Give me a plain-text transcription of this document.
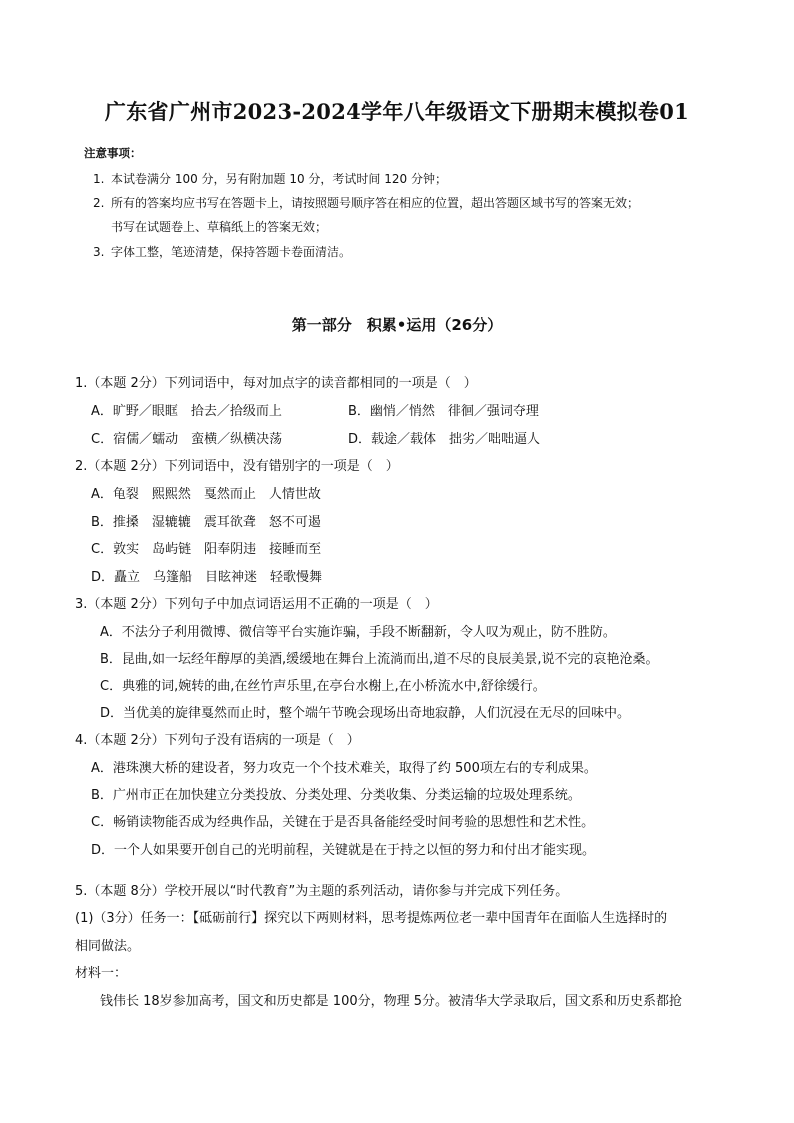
广东省广州市2023-2024学年八年级语文下册期末模拟卷01
注意事项：
1. 本试卷满分 100 分，另有附加题 10 分，考试时间 120 分钟；
2. 所有的答案均应书写在答题卡上，请按照题号顺序答在相应的位置，超出答题区域书写的答案无效；
书写在试题卷上、草稿纸上的答案无效；
3. 字体工整，笔迹清楚，保持答题卡卷面清洁。
第一部分　积累•运用（26分）
1.（本题 2分）下列词语中，每对加点字的读音都相同的一项是（　）
A．旷野／眼眶　拾去／拾级而上	B．幽悄／悄然　徘徊／强词夺理
C．宿儒／蠕动　蛮横／纵横决荡	D．载途／载体　拙劣／咄咄逼人
2.（本题 2分）下列词语中，没有错别字的一项是（　）
A．龟裂　熙熙然　戛然而止　人情世故
B．推搡　湿辘辘　震耳欲聋　怒不可遏
C．敦实　岛屿链　阳奉阴违　接睡而至
D．矗立　乌篷船　目眩神迷　轻歌慢舞
3.（本题 2分）下列句子中加点词语运用不正确的一项是（　）
A．不法分子利用微博、微信等平台实施诈骗，手段不断翻新，令人叹为观止，防不胜防。
B．昆曲,如一坛经年醇厚的美酒,缓缓地在舞台上流淌而出,道不尽的良辰美景,说不完的哀艳沧桑。
C．典雅的词,婉转的曲,在丝竹声乐里,在亭台水榭上,在小桥流水中,舒徐缓行。
D．当优美的旋律戛然而止时，整个端午节晚会现场出奇地寂静，人们沉浸在无尽的回味中。
4.（本题 2分）下列句子没有语病的一项是（　）
A．港珠澳大桥的建设者，努力攻克一个个技术难关，取得了约 500项左右的专利成果。
B．广州市正在加快建立分类投放、分类处理、分类收集、分类运输的垃圾处理系统。
C．畅销读物能否成为经典作品，关键在于是否具备能经受时间考验的思想性和艺术性。
D．一个人如果要开创自己的光明前程，关键就是在于持之以恒的努力和付出才能实现。
5.（本题 8分）学校开展以“时代教育”为主题的系列活动，请你参与并完成下列任务。
(1)（3分）任务一：【砥砺前行】探究以下两则材料，思考提炼两位老一辈中国青年在面临人生选择时的
相同做法。
材料一：
钱伟长 18岁参加高考，国文和历史都是 100分，物理 5分。被清华大学录取后，国文系和历史系都抢
